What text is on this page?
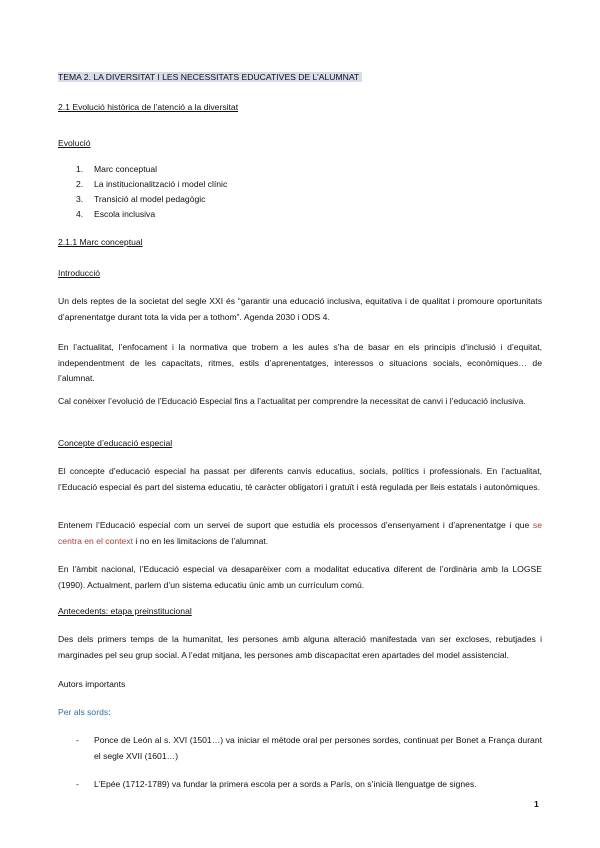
TEMA 2. LA DIVERSITAT I LES NECESSITATS EDUCATIVES DE L’ALUMNAT
2.1 Evolució històrica de l’atenció a la diversitat
Evolució
1. Marc conceptual
2. La institucionalització i model clínic
3. Transició al model pedagògic
4. Escola inclusiva
2.1.1 Marc conceptual
Introducció
Un dels reptes de la societat del segle XXI és “garantir una educació inclusiva, equitativa i de qualitat i promoure oportunitats d’aprenentatge durant tota la vida per a tothom”. Agenda 2030 i ODS 4.
En l’actualitat, l’enfocament i la normativa que trobem a les aules s’ha de basar en els principis d’inclusió i d’equitat, independentment de les capacitats, ritmes, estils d’aprenentatges, interessos o situacions socials, econòmiques… de l’alumnat.
Cal conèixer l’evolució de l’Educació Especial fins a l’actualitat per comprendre la necessitat de canvi i l’educació inclusiva.
Concepte d’educació especial
El concepte d’educació especial ha passat per diferents canvis educatius, socials, polítics i professionals. En l’actualitat, l’Educació especial és part del sistema educatiu, té caràcter obligatori i gratuït i està regulada per lleis estatals i autonòmiques.
Entenem l’Educació especial com un servei de suport que estudia els processos d’ensenyament i d’aprenentatge i que se centra en el context i no en les limitacions de l’alumnat.
En l’àmbit nacional, l’Educació especial va desaparèixer com a modalitat educativa diferent de l’ordinària amb la LOGSE (1990). Actualment, parlem d’un sistema educatiu únic amb un currículum comú.
Antecedents: etapa preinstitucional
Des dels primers temps de la humanitat, les persones amb alguna alteració manifestada van ser excloses, rebutjades i marginades pel seu grup social. A l’edat mitjana, les persones amb discapacitat eren apartades del model assistencial.
Autors importants
Per als sords:
- Ponce de León al s. XVI (1501…) va iniciar el mètode oral per persones sordes, continuat per Bonet a França durant el segle XVII (1601…)
- L’Epée (1712-1789) va fundar la primera escola per a sords a París, on s’inicià llenguatge de signes.
1
